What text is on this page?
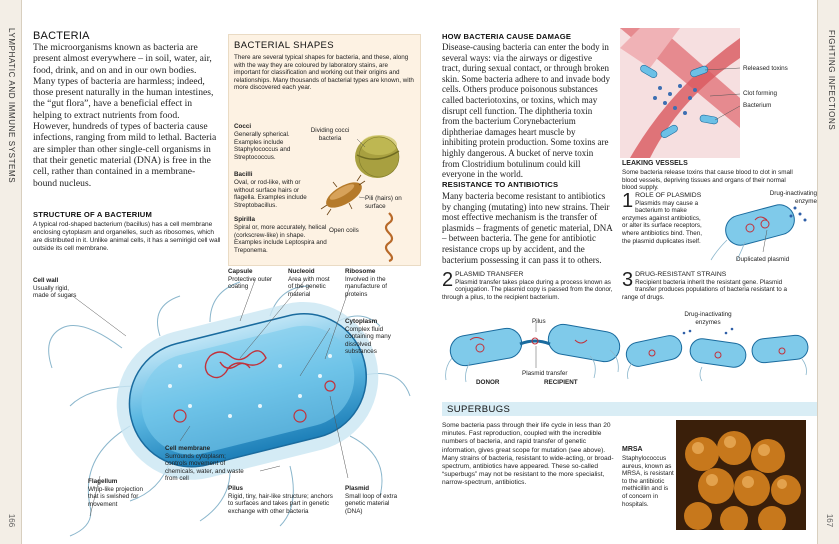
LYMPHATIC AND IMMUNE SYSTEMS
166
FIGHTING INFECTIONS
167
BACTERIA
The microorganisms known as bacteria are present almost everywhere – in soil, water, air, food, drink, and on and in our own bodies. Many types of bacteria are harmless; indeed, those present naturally in the human intestines, the “gut flora”, have a beneficial effect in helping to extract nutrients from food. However, hundreds of types of bacteria cause infections, ranging from mild to lethal. Bacteria are simpler than other single-cell organisms in that their genetic material (DNA) is free in the cell, rather than contained in a membrane-bound nucleus.
STRUCTURE OF A BACTERIUM
A typical rod-shaped bacterium (bacillus) has a cell membrane enclosing cytoplasm and organelles, such as ribosomes, which are distributed in it. Unlike animal cells, it has a semirigid cell wall outside its cell membrane.
BACTERIAL SHAPES
There are several typical shapes for bacteria, and these, along with the way they are coloured by laboratory stains, are important for classification and working out their origins and relationships. Many thousands of bacterial types are known, with more discovered each year.
Cocci
Generally spherical. Examples include Staphylococcus and Streptococcus.
Dividing cocci bacteria
Bacilli
Oval, or rod-like, with or without surface hairs or flagella. Examples include Streptobacillus.
Pili (hairs) on surface
Spirilla
Spiral or, more accurately, helical (corkscrew-like) in shape. Examples include Leptospira and Treponema.
Open coils
Cell wall
Usually rigid, made of sugars
Capsule
Protective outer coating
Nucleoid
Area with most of the genetic material
Ribosome
Involved in the manufacture of proteins
Cytoplasm
Complex fluid containing many dissolved substances
Cell membrane
Surrounds cytoplasm; controls movement of chemicals, water, and waste from cell
Flagellum
Whip-like projection that is swished for movement
Pilus
Rigid, tiny, hair-like structure; anchors to surfaces and takes part in genetic exchange with other bacteria
Plasmid
Small loop of extra genetic material (DNA)
HOW BACTERIA CAUSE DAMAGE
Disease-causing bacteria can enter the body in several ways: via the airways or digestive tract, during sexual contact, or through broken skin. Some bacteria adhere to and invade body cells. Others produce poisonous substances called bacteriotoxins, or toxins, which may disrupt cell function. The diphtheria toxin from the bacterium Corynebacterium diphtheriae damages heart muscle by inhibiting protein production. Some toxins are highly dangerous. A bucket of nerve toxin from Clostridium botulinum could kill everyone in the world.
Released toxins
Clot forming
Bacterium
LEAKING VESSELS
Some bacteria release toxins that cause blood to clot in small blood vessels, depriving tissues and organs of their normal blood supply.
RESISTANCE TO ANTIBIOTICS
Many bacteria become resistant to antibiotics by changing (mutating) into new strains. Their most effective mechanism is the transfer of plasmids – fragments of genetic material, DNA – between bacteria. The gene for antibiotic resistance crops up by accident, and the bacterium possessing it can pass it to others.
1 ROLE OF PLASMIDS
Plasmids may cause a bacterium to make enzymes against antibiotics, or alter its surface receptors, where antibiotics bind. Then, the plasmid duplicates itself.
Drug-inactivating enzyme
Duplicated plasmid
2 PLASMID TRANSFER
Plasmid transfer takes place during a process known as conjugation. The plasmid copy is passed from the donor, through a pilus, to the recipient bacterium.
Pilus
Plasmid transfer
DONOR	RECIPIENT
3 DRUG-RESISTANT STRAINS
Recipient bacteria inherit the resistant gene. Plasmid transfer produces populations of bacteria resistant to a range of drugs.
Drug-inactivating enzymes
SUPERBUGS
Some bacteria pass through their life cycle in less than 20 minutes. Fast reproduction, coupled with the incredible numbers of bacteria, and rapid transfer of genetic information, gives great scope for mutation (see above). Many strains of bacteria, resistant to wide-acting, or broad-spectrum, antibiotics have appeared. These so-called “superbugs” may not be resistant to the more specialist, narrow-spectrum, antibiotics.
MRSA
Staphylococcus aureus, known as MRSA, is resistant to the antibiotic methicillin and is of concern in hospitals.
